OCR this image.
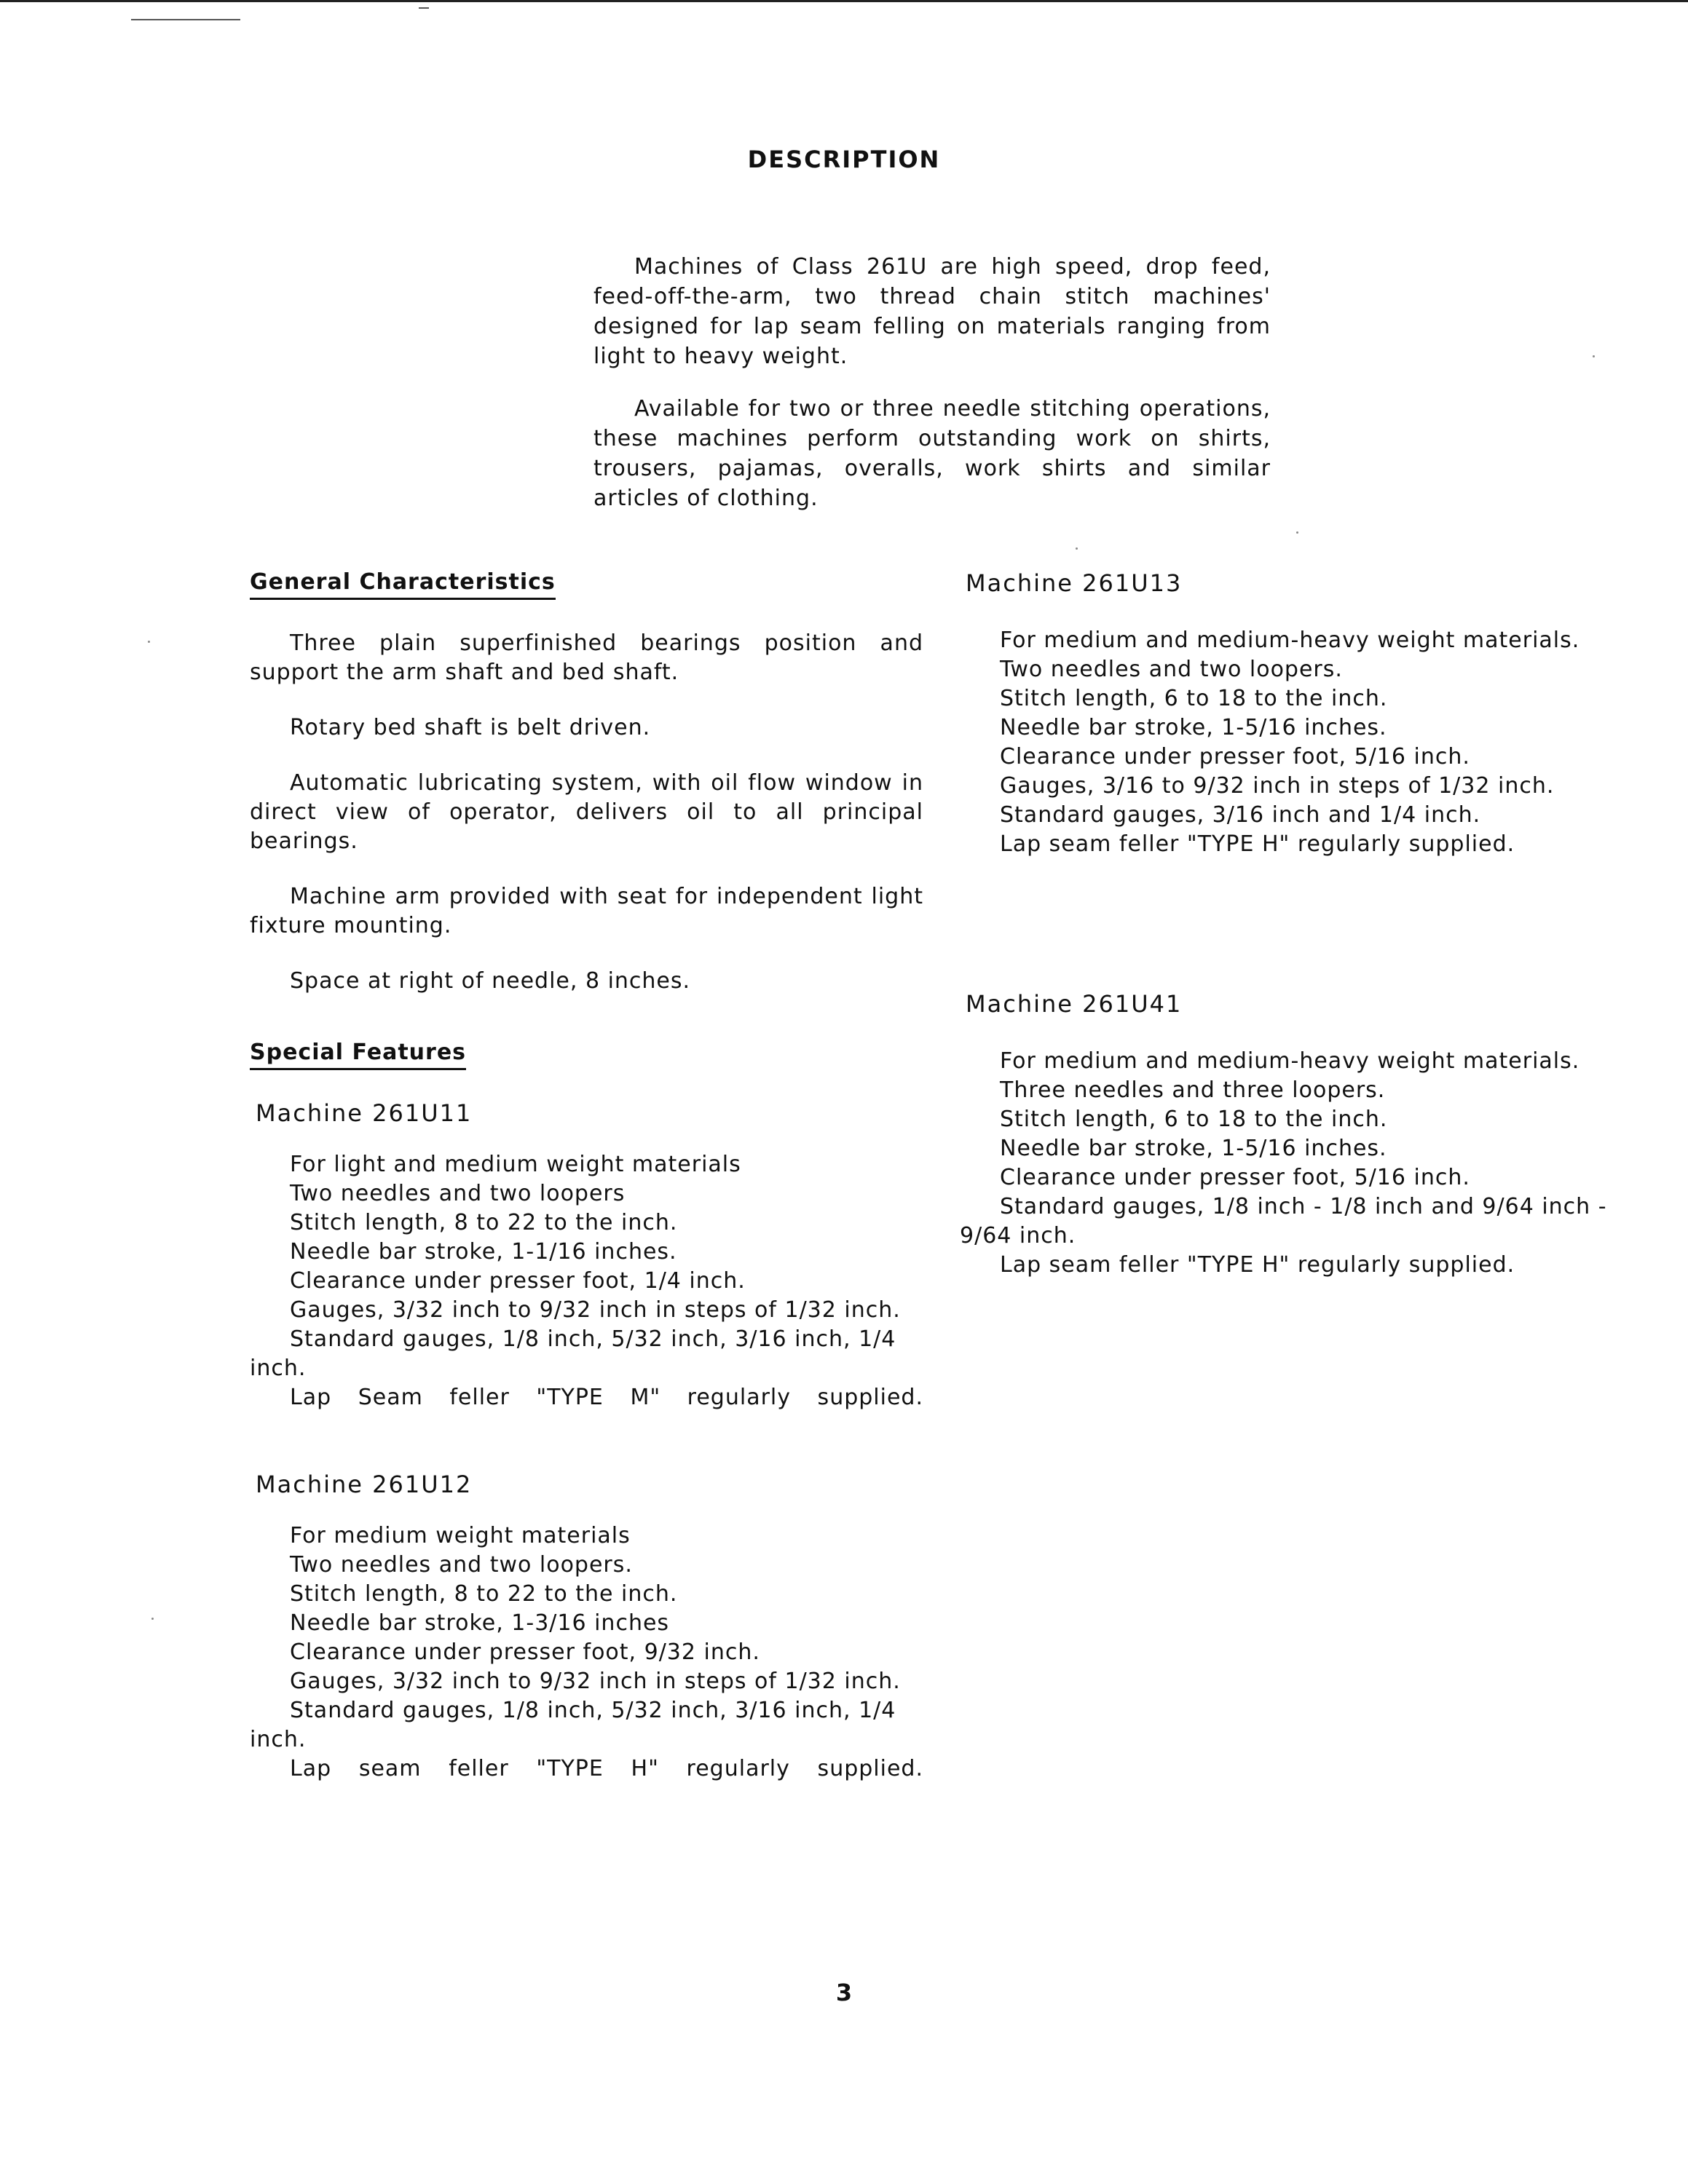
DESCRIPTION

Machines of Class 261U are high speed, drop feed, feed-off-the-arm, two thread chain stitch machines' designed for lap seam felling on materials ranging from light to heavy weight.

Available for two or three needle stitching operations, these machines perform outstanding work on shirts, trousers, pajamas, overalls, work shirts and similar articles of clothing.

General Characteristics

Three plain superfinished bearings position and support the arm shaft and bed shaft.

Rotary bed shaft is belt driven.

Automatic lubricating system, with oil flow window in direct view of operator, delivers oil to all principal bearings.

Machine arm provided with seat for independent light fixture mounting.

Space at right of needle, 8 inches.

Special Features
Machine 261U11
For light and medium weight materials
Two needles and two loopers
Stitch length, 8 to 22 to the inch.
Needle bar stroke, 1-1/16 inches.
Clearance under presser foot, 1/4 inch.
Gauges, 3/32 inch to 9/32 inch in steps of 1/32 inch.
Standard gauges, 1/8 inch, 5/32 inch, 3/16 inch, 1/4 inch.
Lap Seam feller "TYPE M" regularly supplied.
Machine 261U12
For medium weight materials
Two needles and two loopers.
Stitch length, 8 to 22 to the inch.
Needle bar stroke, 1-3/16 inches
Clearance under presser foot, 9/32 inch.
Gauges, 3/32 inch to 9/32 inch in steps of 1/32 inch.
Standard gauges, 1/8 inch, 5/32 inch, 3/16 inch, 1/4 inch.
Lap seam feller "TYPE H" regularly supplied.
Machine 261U13
For medium and medium-heavy weight materials.
Two needles and two loopers.
Stitch length, 6 to 18 to the inch.
Needle bar stroke, 1-5/16 inches.
Clearance under presser foot, 5/16 inch.
Gauges, 3/16 to 9/32 inch in steps of 1/32 inch.
Standard gauges, 3/16 inch and 1/4 inch.
Lap seam feller "TYPE H" regularly supplied.
Machine 261U41
For medium and medium-heavy weight materials.
Three needles and three loopers.
Stitch length, 6 to 18 to the inch.
Needle bar stroke, 1-5/16 inches.
Clearance under presser foot, 5/16 inch.
Standard gauges, 1/8 inch - 1/8 inch and 9/64 inch - 9/64 inch.
Lap seam feller "TYPE H" regularly supplied.
3
